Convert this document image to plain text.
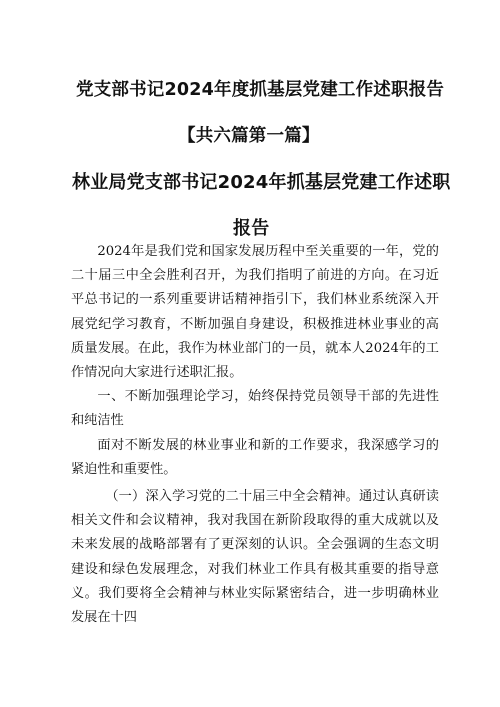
党支部书记2024年度抓基层党建工作述职报告
【共六篇第一篇】
林业局党支部书记2024年抓基层党建工作述职
报告

2024年是我们党和国家发展历程中至关重要的一年，党的二十届三中全会胜利召开，为我们指明了前进的方向。在习近平总书记的一系列重要讲话精神指引下，我们林业系统深入开展党纪学习教育，不断加强自身建设，积极推进林业事业的高质量发展。在此，我作为林业部门的一员，就本人2024年的工作情况向大家进行述职汇报。

一、不断加强理论学习，始终保持党员领导干部的先进性和纯洁性

面对不断发展的林业事业和新的工作要求，我深感学习的紧迫性和重要性。

（一）深入学习党的二十届三中全会精神。通过认真研读相关文件和会议精神，我对我国在新阶段取得的重大成就以及未来发展的战略部署有了更深刻的认识。全会强调的生态文明建设和绿色发展理念，对我们林业工作具有极其重要的指导意义。我们要将全会精神与林业实际紧密结合，进一步明确林业发展在十四
